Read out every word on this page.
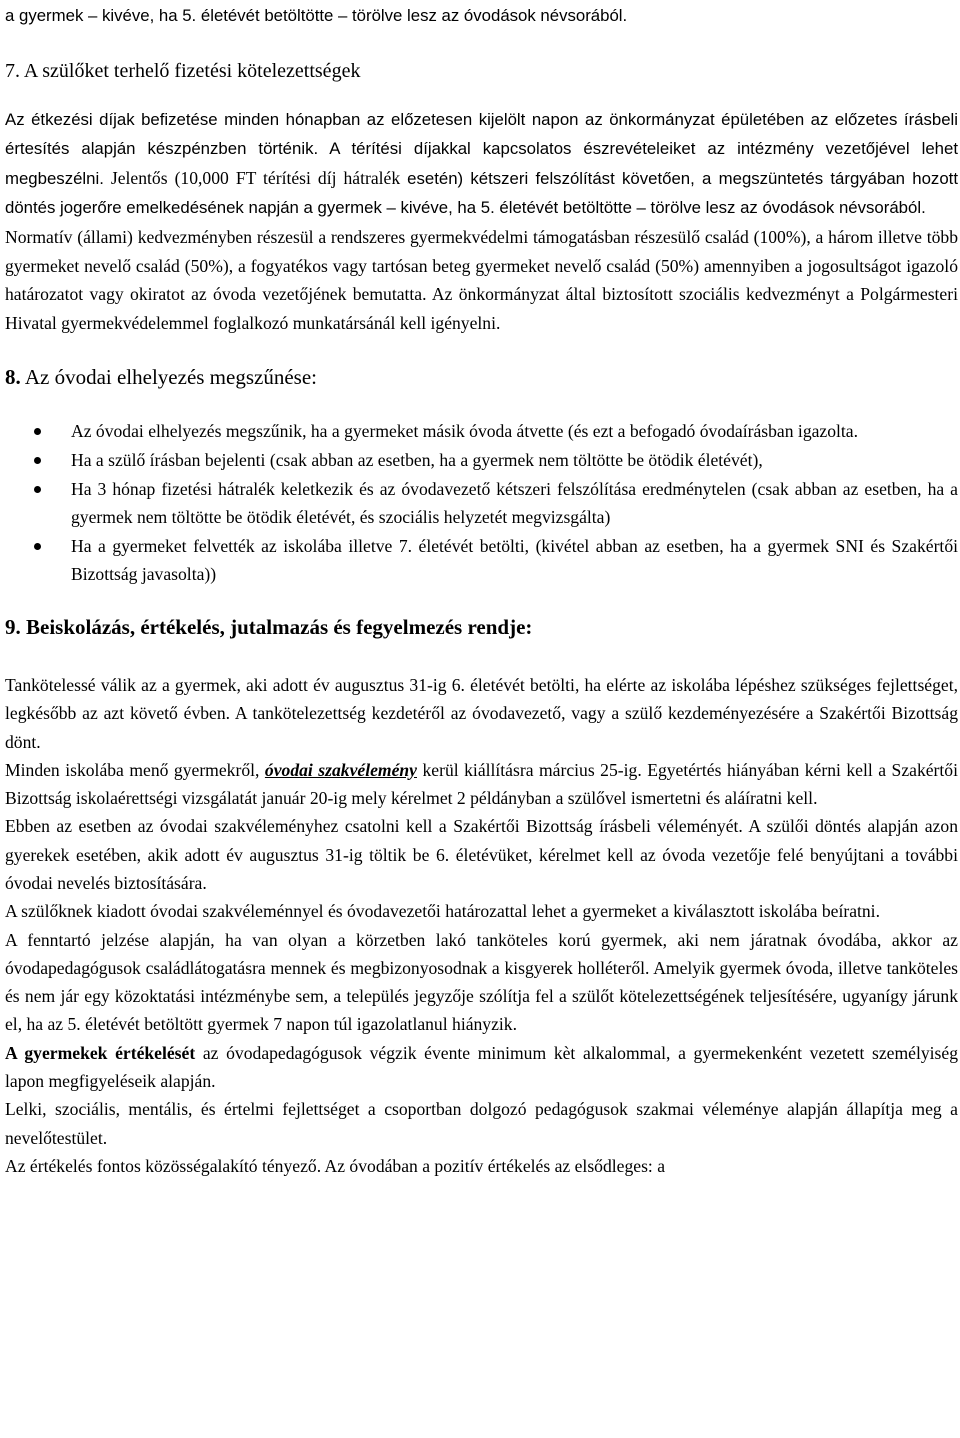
a gyermek – kivéve, ha 5. életévét betöltötte – törölve lesz az óvodások névsorából.

7. A szülőket terhelő fizetési kötelezettségek

Az étkezési díjak befizetése minden hónapban az előzetesen kijelölt napon az önkormányzat épületében az előzetes írásbeli értesítés alapján készpénzben történik. A térítési díjakkal kapcsolatos észrevételeiket az intézmény vezetőjével lehet megbeszélni. Jelentős (10,000 FT térítési díj hátralék esetén) kétszeri felszólítást követően, a megszüntetés tárgyában hozott döntés jogerőre emelkedésének napján a gyermek – kivéve, ha 5. életévét betöltötte – törölve lesz az óvodások névsorából.

Normatív (állami) kedvezményben részesül a rendszeres gyermekvédelmi támogatásban részesülő család (100%), a három illetve több gyermeket nevelő család (50%), a fogyatékos vagy tartósan beteg gyermeket nevelő család (50%) amennyiben a jogosultságot igazoló határozatot vagy okiratot az óvoda vezetőjének bemutatta. Az önkormányzat által biztosított szociális kedvezményt a Polgármesteri Hivatal gyermekvédelemmel foglalkozó munkatársánál kell igényelni.

8. Az óvodai elhelyezés megszűnése:
Az óvodai elhelyezés megszűnik, ha a gyermeket másik óvoda átvette (és ezt a befogadó óvodaírásban igazolta.
Ha a szülő írásban bejelenti (csak abban az esetben, ha a gyermek nem töltötte be ötödik életévét),
Ha 3 hónap fizetési hátralék keletkezik és az óvodavezető kétszeri felszólítása eredménytelen (csak abban az esetben, ha a gyermek nem töltötte be ötödik életévét, és szociális helyzetét megvizsgálta)
Ha a gyermeket felvették az iskolába illetve 7. életévét betölti, (kivétel abban az esetben, ha a gyermek SNI és Szakértői Bizottság javasolta))
9. Beiskolázás, értékelés, jutalmazás és fegyelmezés rendje:

Tankötelessé válik az a gyermek, aki adott év augusztus 31-ig 6. életévét betölti, ha elérte az iskolába lépéshez szükséges fejlettséget, legkésőbb az azt követő évben. A tankötelezettség kezdetéről az óvodavezető, vagy a szülő kezdeményezésére a Szakértői Bizottság dönt.

Minden iskolába menő gyermekről, óvodai szakvélemény kerül kiállításra március 25-ig. Egyetértés hiányában kérni kell a Szakértői Bizottság iskolaérettségi vizsgálatát január 20-ig mely kérelmet 2 példányban a szülővel ismertetni és aláíratni kell.

Ebben az esetben az óvodai szakvéleményhez csatolni kell a Szakértői Bizottság írásbeli véleményét. A szülői döntés alapján azon gyerekek esetében, akik adott év augusztus 31-ig töltik be 6. életévüket, kérelmet kell az óvoda vezetője felé benyújtani a további óvodai nevelés biztosítására.

A szülőknek kiadott óvodai szakvéleménnyel és óvodavezetői határozattal lehet a gyermeket a kiválasztott iskolába beíratni.

A fenntartó jelzése alapján, ha van olyan a körzetben lakó tanköteles korú gyermek, aki nem járatnak óvodába, akkor az óvodapedagógusok családlátogatásra mennek és megbizonyosodnak a kisgyerek holléteről. Amelyik gyermek óvoda, illetve tanköteles és nem jár egy közoktatási intézménybe sem, a település jegyzője szólítja fel a szülőt kötelezettségének teljesítésére, ugyanígy járunk el, ha az 5. életévét betöltött gyermek 7 napon túl igazolatlanul hiányzik.

A gyermekek értékelését az óvodapedagógusok végzik évente minimum kèt alkalommal, a gyermekenként vezetett személyiség lapon megfigyeléseik alapján.

Lelki, szociális, mentális, és értelmi fejlettséget a csoportban dolgozó pedagógusok szakmai véleménye alapján állapítja meg a nevelőtestület.

Az értékelés fontos közösségalakító tényező. Az óvodában a pozitív értékelés az elsődleges: a
